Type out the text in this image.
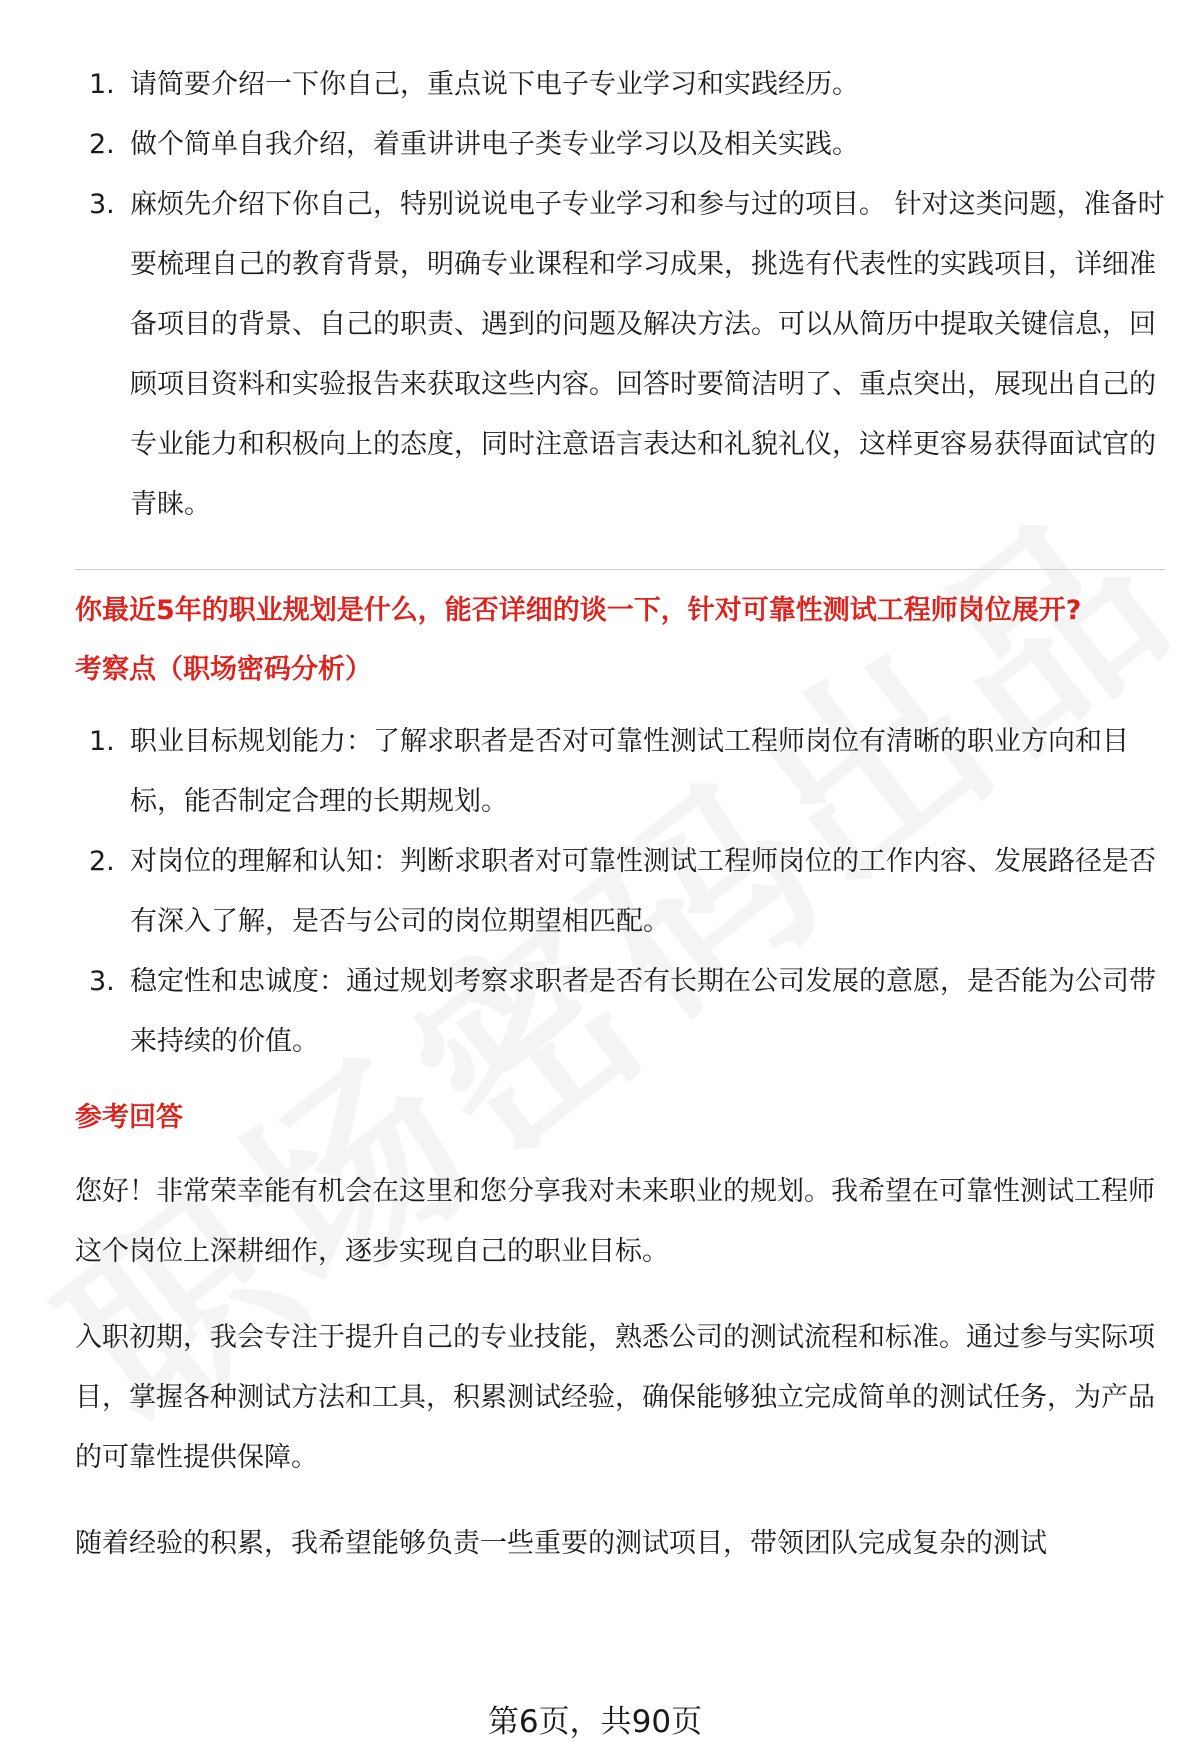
1. 请简要介绍一下你自己，重点说下电子专业学习和实践经历。
2. 做个简单自我介绍，着重讲讲电子类专业学习以及相关实践。
3. 麻烦先介绍下你自己，特别说说电子专业学习和参与过的项目。 针对这类问题，准备时要梳理自己的教育背景，明确专业课程和学习成果，挑选有代表性的实践项目，详细准备项目的背景、自己的职责、遇到的问题及解决方法。可以从简历中提取关键信息，回顾项目资料和实验报告来获取这些内容。回答时要简洁明了、重点突出，展现出自己的专业能力和积极向上的态度，同时注意语言表达和礼貌礼仪，这样更容易获得面试官的青睐。

你最近5年的职业规划是什么，能否详细的谈一下，针对可靠性测试工程师岗位展开?

考察点（职场密码分析）

1. 职业目标规划能力：了解求职者是否对可靠性测试工程师岗位有清晰的职业方向和目标，能否制定合理的长期规划。
2. 对岗位的理解和认知：判断求职者对可靠性测试工程师岗位的工作内容、发展路径是否有深入了解，是否与公司的岗位期望相匹配。
3. 稳定性和忠诚度：通过规划考察求职者是否有长期在公司发展的意愿，是否能为公司带来持续的价值。

参考回答

您好！非常荣幸能有机会在这里和您分享我对未来职业的规划。我希望在可靠性测试工程师这个岗位上深耕细作，逐步实现自己的职业目标。

入职初期，我会专注于提升自己的专业技能，熟悉公司的测试流程和标准。通过参与实际项目，掌握各种测试方法和工具，积累测试经验，确保能够独立完成简单的测试任务，为产品的可靠性提供保障。

随着经验的积累，我希望能够负责一些重要的测试项目，带领团队完成复杂的测试

第6页，共90页
